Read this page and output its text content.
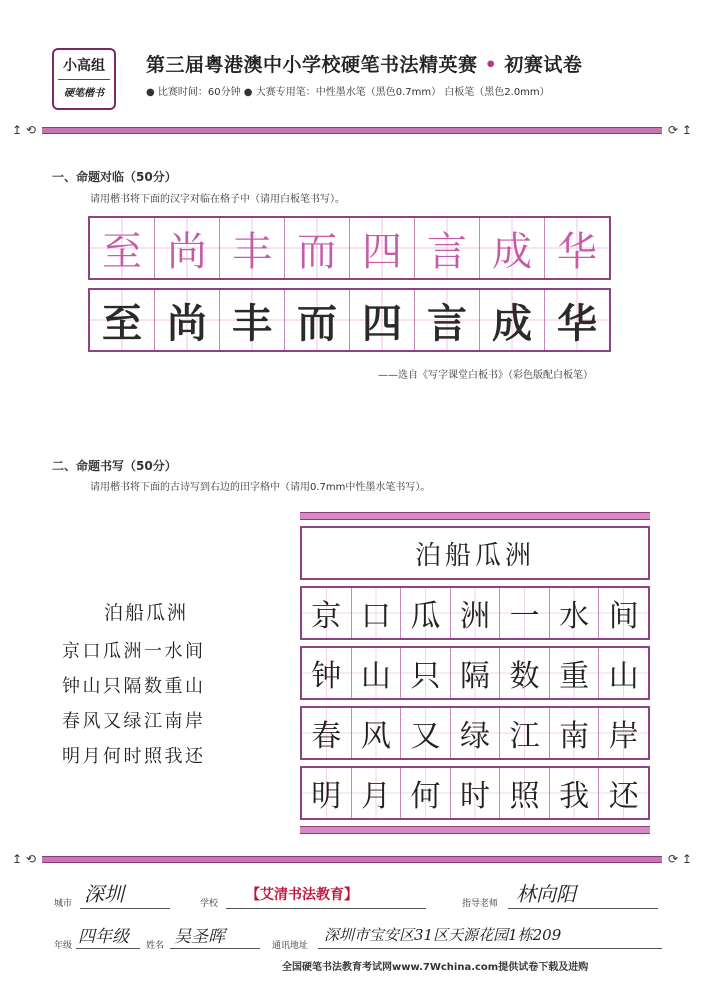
小高组
硬笔楷书
第三届粤港澳中小学校硬笔书法精英赛 • 初赛试卷
● 比赛时间：60分钟 ● 大赛专用笔：中性墨水笔（黑色0.7mm） 白板笔（黑色2.0mm）
↥ ⟲	⟳ ↥
一、命题对临（50分）
请用楷书将下面的汉字对临在格子中（请用白板笔书写）。
至 尚 丰 而 四 言 成 华
至 尚 丰 而 四 言 成 华
——选自《写字课堂白板书》（彩色版配白板笔）
二、命题书写（50分）
请用楷书将下面的古诗写到右边的田字格中（请用0.7mm中性墨水笔书写）。
泊船瓜洲
京口瓜洲一水间
钟山只隔数重山
春风又绿江南岸
明月何时照我还
泊船瓜洲
京 口 瓜 洲 一 水 间
钟 山 只 隔 数 重 山
春 风 又 绿 江 南 岸
明 月 何 时 照 我 还
↥ ⟲	⟳ ↥
城市 深圳	学校
【艾清书法教育】
指导老师 林向阳
年级 四年级 姓名 吴圣晖	通讯地址
深圳市宝安区31区天源花园1栋209
全国硬笔书法教育考试网www.7Wchina.com提供试卷下载及进购
